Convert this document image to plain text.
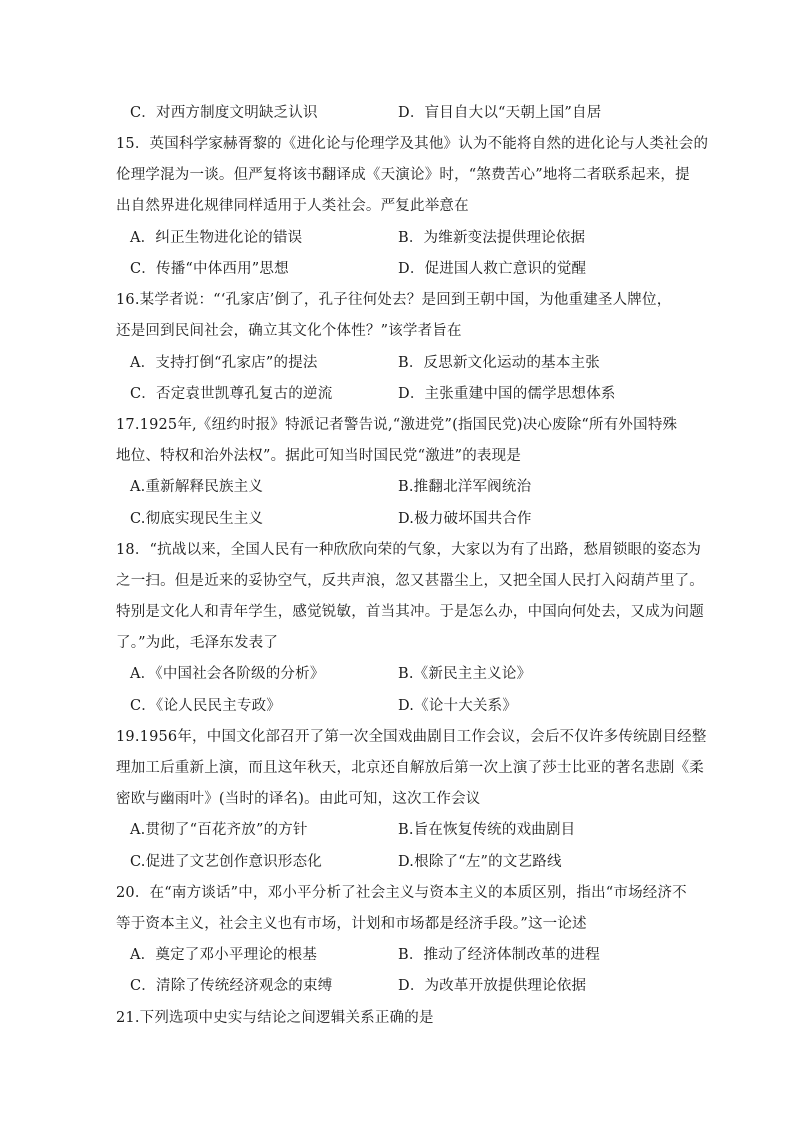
C．对西方制度文明缺乏认识	D．盲目自大以“天朝上国”自居
15．英国科学家赫胥黎的《进化论与伦理学及其他》认为不能将自然的进化论与人类社会的
伦理学混为一谈。但严复将该书翻译成《天演论》时，“煞费苦心”地将二者联系起来，提
出自然界进化规律同样适用于人类社会。严复此举意在
A．纠正生物进化论的错误	B．为维新变法提供理论依据
C．传播“中体西用”思想	D．促进国人救亡意识的觉醒
16.某学者说：“‘孔家店’倒了，孔子往何处去？是回到王朝中国，为他重建圣人牌位，
还是回到民间社会，确立其文化个体性？”该学者旨在
A．支持打倒“孔家店”的提法	B．反思新文化运动的基本主张
C．否定袁世凯尊孔复古的逆流	D．主张重建中国的儒学思想体系
17.1925年,《纽约时报》特派记者警告说,“激进党”(指国民党)决心废除“所有外国特殊
地位、特权和治外法权”。据此可知当时国民党“激进”的表现是
A.重新解释民族主义	B.推翻北洋军阀统治
C.彻底实现民生主义	D.极力破坏国共合作
18．“抗战以来，全国人民有一种欣欣向荣的气象，大家以为有了出路，愁眉锁眼的姿态为
之一扫。但是近来的妥协空气，反共声浪，忽又甚嚣尘上，又把全国人民打入闷葫芦里了。
特别是文化人和青年学生，感觉锐敏，首当其冲。于是怎么办，中国向何处去，又成为问题
了。”为此，毛泽东发表了
A．《中国社会各阶级的分析》	B.《新民主主义论》
C．《论人民民主专政》	D.《论十大关系》
19.1956年，中国文化部召开了第一次全国戏曲剧目工作会议，会后不仅许多传统剧目经整
理加工后重新上演，而且这年秋天，北京还自解放后第一次上演了莎士比亚的著名悲剧《柔
密欧与幽雨叶》(当时的译名)。由此可知，这次工作会议
A.贯彻了“百花齐放”的方针	B.旨在恢复传统的戏曲剧目
C.促进了文艺创作意识形态化	D.根除了“左”的文艺路线
20．在“南方谈话”中，邓小平分析了社会主义与资本主义的本质区别，指出“市场经济不
等于资本主义，社会主义也有市场，计划和市场都是经济手段。”这一论述
A．奠定了邓小平理论的根基	B．推动了经济体制改革的进程
C．清除了传统经济观念的束缚	D．为改革开放提供理论依据
21.下列选项中史实与结论之间逻辑关系正确的是
